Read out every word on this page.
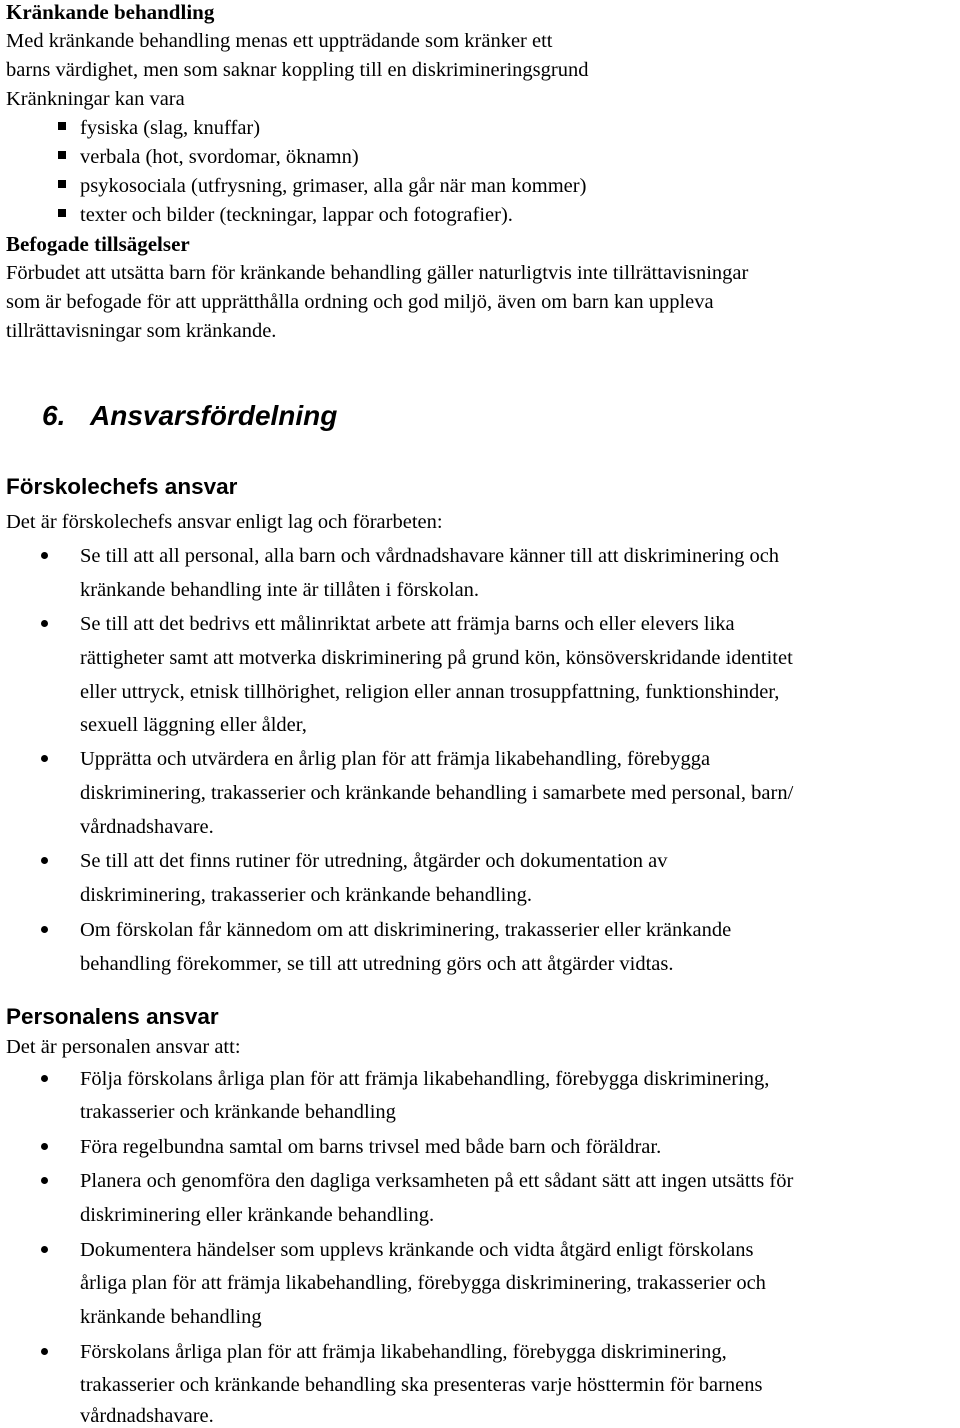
Kränkande behandling
Med kränkande behandling menas ett uppträdande som kränker ett
barns värdighet, men som saknar koppling till en diskrimineringsgrund
Kränkningar kan vara
fysiska (slag, knuffar)
verbala (hot, svordomar, öknamn)
psykosociala (utfrysning, grimaser, alla går när man kommer)
texter och bilder (teckningar, lappar och fotografier).
Befogade tillsägelser
Förbudet att utsätta barn för kränkande behandling gäller naturligtvis inte tillrättavisningar
som är befogade för att upprätthålla ordning och god miljö, även om barn kan uppleva
tillrättavisningar som kränkande.
6. Ansvarsfördelning
Förskolechefs ansvar
Det är förskolechefs ansvar enligt lag och förarbeten:
Se till att all personal, alla barn och vårdnadshavare känner till att diskriminering och
kränkande behandling inte är tillåten i förskolan.
Se till att det bedrivs ett målinriktat arbete att främja barns och eller elevers lika
rättigheter samt att motverka diskriminering på grund kön, könsöverskridande identitet
eller uttryck, etnisk tillhörighet, religion eller annan trosuppfattning, funktionshinder,
sexuell läggning eller ålder,
Upprätta och utvärdera en årlig plan för att främja likabehandling, förebygga
diskriminering, trakasserier och kränkande behandling i samarbete med personal, barn/
vårdnadshavare.
Se till att det finns rutiner för utredning, åtgärder och dokumentation av
diskriminering, trakasserier och kränkande behandling.
Om förskolan får kännedom om att diskriminering, trakasserier eller kränkande
behandling förekommer, se till att utredning görs och att åtgärder vidtas.
Personalens ansvar
Det är personalen ansvar att:
Följa förskolans årliga plan för att främja likabehandling, förebygga diskriminering,
trakasserier och kränkande behandling
Föra regelbundna samtal om barns trivsel med både barn och föräldrar.
Planera och genomföra den dagliga verksamheten på ett sådant sätt att ingen utsätts för
diskriminering eller kränkande behandling.
Dokumentera händelser som upplevs kränkande och vidta åtgärd enligt förskolans
årliga plan för att främja likabehandling, förebygga diskriminering, trakasserier och
kränkande behandling
Förskolans årliga plan för att främja likabehandling, förebygga diskriminering,
trakasserier och kränkande behandling ska presenteras varje hösttermin för barnens
vårdnadshavare.
